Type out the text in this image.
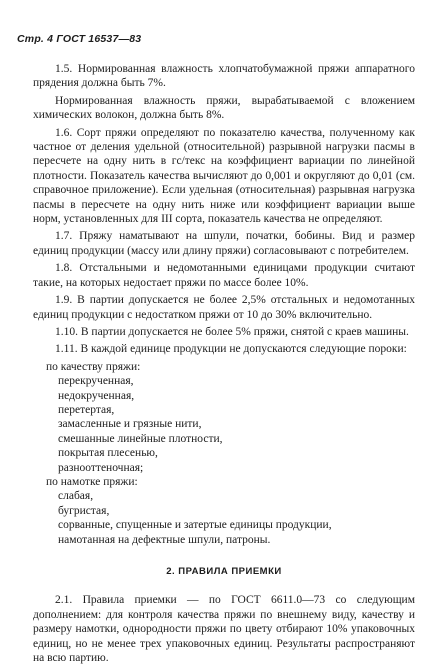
Стр. 4 ГОСТ 16537—83

1.5. Нормированная влажность хлопчатобумажной пряжи аппаратного прядения должна быть 7%.

Нормированная влажность пряжи, вырабатываемой с вложением химических волокон, должна быть 8%.

1.6. Сорт пряжи определяют по показателю качества, полученному как частное от деления удельной (относительной) разрывной нагрузки пасмы в пересчете на одну нить в гс/текс на коэффициент вариации по линейной плотности. Показатель качества вычисляют до 0,001 и округляют до 0,01 (см. справочное приложение). Если удельная (относительная) разрывная нагрузка пасмы в пересчете на одну нить ниже или коэффициент вариации выше норм, установленных для III сорта, показатель качества не определяют.

1.7. Пряжу наматывают на шпули, початки, бобины. Вид и размер единиц продукции (массу или длину пряжи) согласовывают с потребителем.

1.8. Отстальными и недомотанными единицами продукции считают такие, на которых недостает пряжи по массе более 10%.

1.9. В партии допускается не более 2,5% отстальных и недомотанных единиц продукции с недостатком пряжи от 10 до 30% включительно.

1.10. В партии допускается не более 5% пряжи, снятой с краев машины.

1.11. В каждой единице продукции не допускаются следующие пороки:

по качеству пряжи:
перекрученная,
недокрученная,
перетертая,
замасленные и грязные нити,
смешанные линейные плотности,
покрытая плесенью,
разнооттеночная;
по намотке пряжи:
слабая,
бугристая,
сорванные, спущенные и затертые единицы продукции,
намотанная на дефектные шпули, патроны.
2. ПРАВИЛА ПРИЕМКИ

2.1. Правила приемки — по ГОСТ 6611.0—73 со следующим дополнением: для контроля качества пряжи по внешнему виду, качеству и размеру намотки, однородности пряжи по цвету отбирают 10% упаковочных единиц, но не менее трех упаковочных единиц. Результаты распространяют на всю партию.
